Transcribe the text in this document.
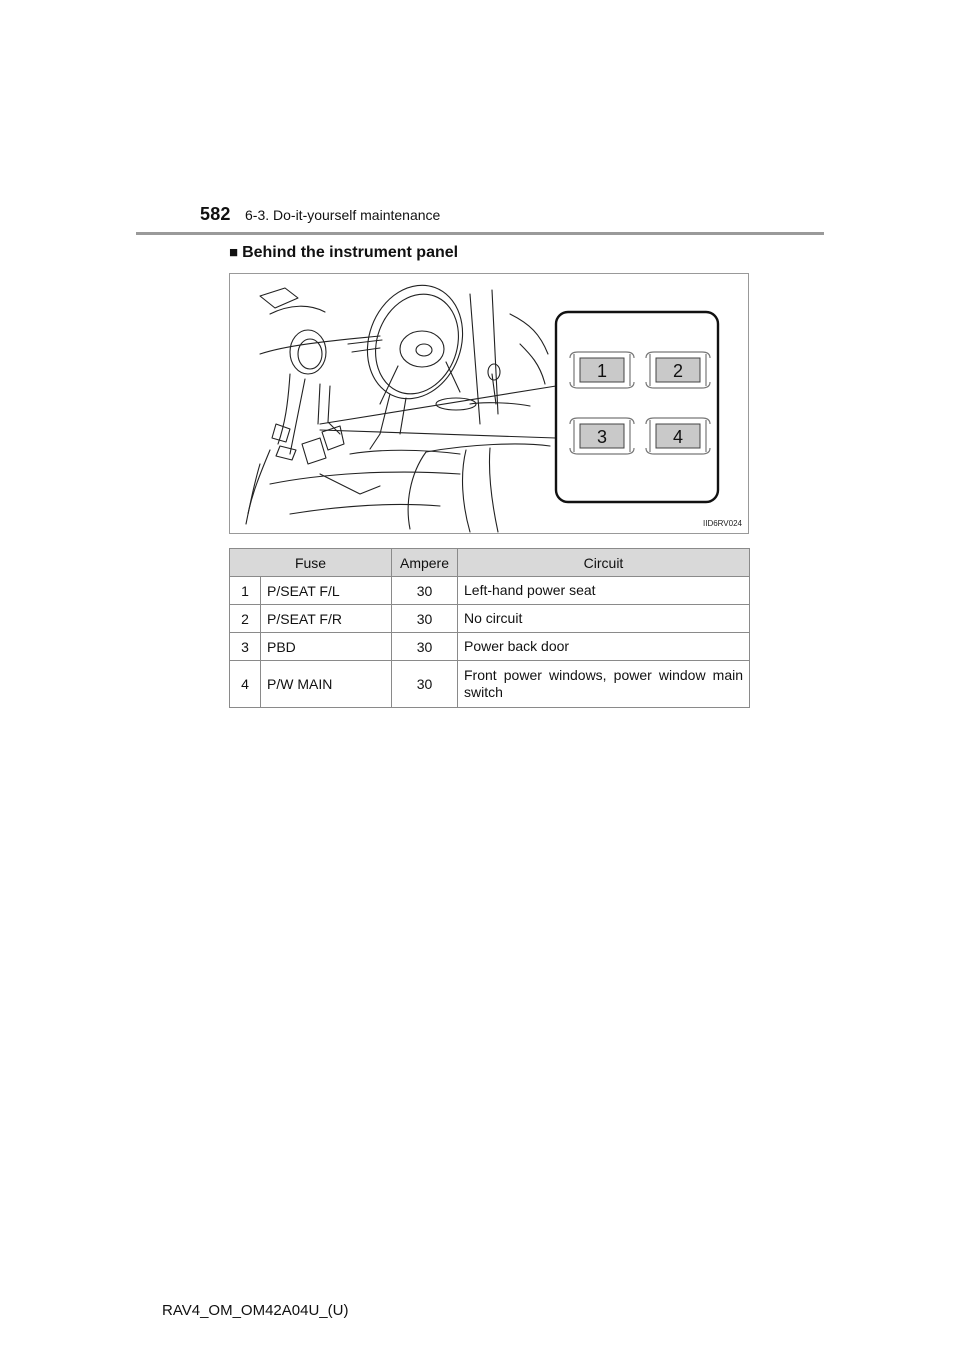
582 6-3. Do-it-yourself maintenance
■ Behind the instrument panel
1	2
3	4
IID6RV024
Fuse		Ampere	Circuit
1	P/SEAT F/L	30	Left-hand power seat
2	P/SEAT F/R	30	No circuit
3	PBD	30	Power back door
4	P/W MAIN	30	Front power windows, power window main switch
RAV4_OM_OM42A04U_(U)
